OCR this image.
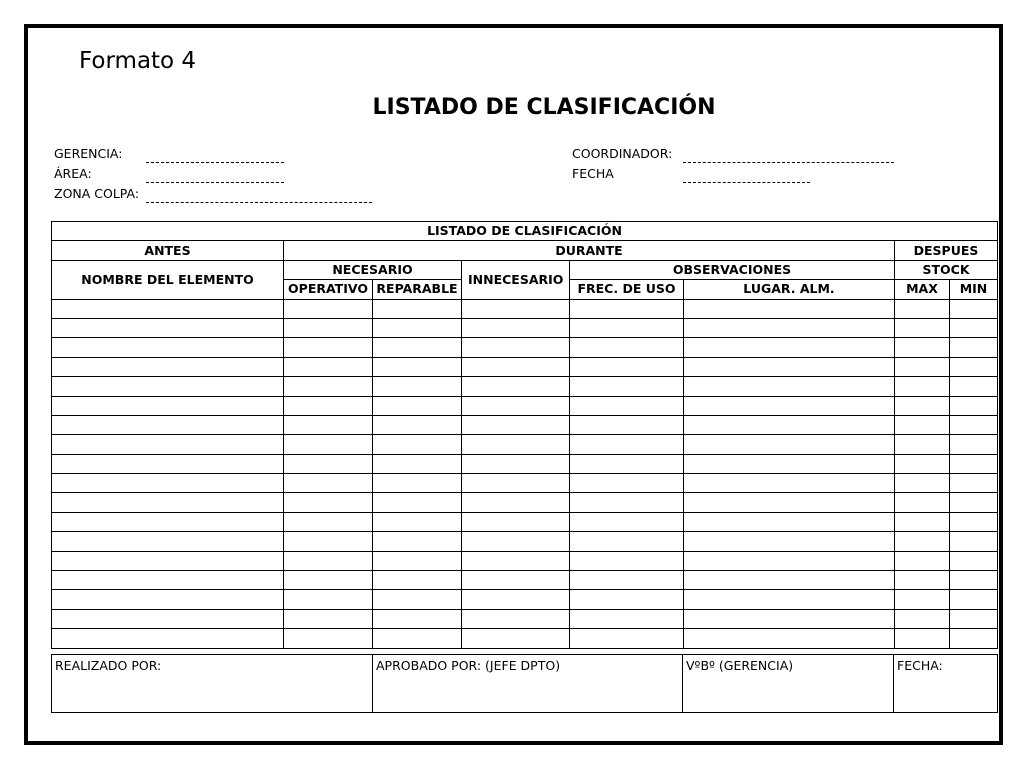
Formato 4
LISTADO DE CLASIFICACIÓN
GERENCIA:
ÁREA:
ZONA COLPA:
COORDINADOR:
FECHA
LISTADO DE CLASIFICACIÓN							
ANTES	DURANTE					DESPUES	
NOMBRE DEL ELEMENTO	NECESARIO		INNECESARIO	OBSERVACIONES		STOCK	
	OPERATIVO	REPARABLE		FREC. DE USO	LUGAR. ALM.	MAX	MIN

REALIZADO POR:	APROBADO POR: (JEFE DPTO)	VºBº (GERENCIA)	FECHA:
